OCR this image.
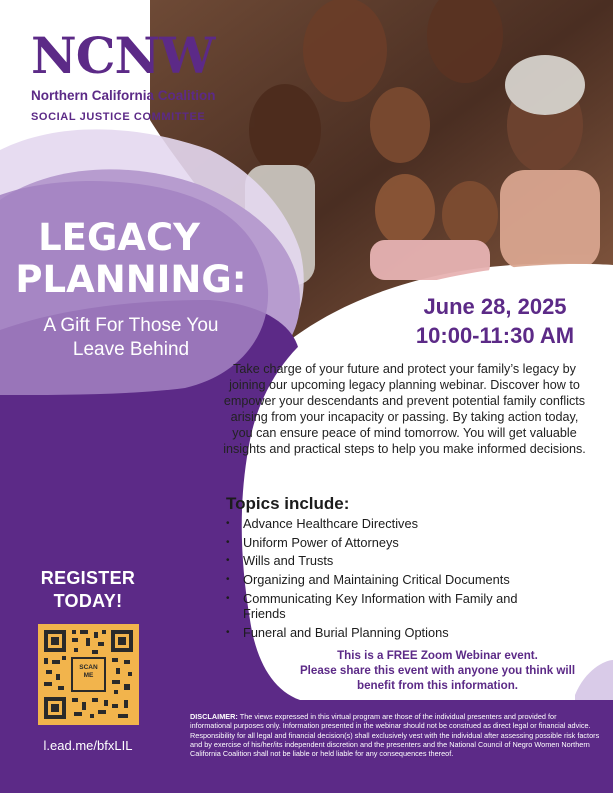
NCNW
Northern California Coalition
SOCIAL JUSTICE COMMITTEE
LEGACY
PLANNING:
A Gift For Those You Leave Behind
June 28, 2025
10:00-11:30 AM
Take charge of your future and protect your family’s legacy by joining our upcoming legacy planning webinar. Discover how to empower your descendants and prevent potential family conflicts arising from your incapacity or passing. By taking action today, you can ensure peace of mind tomorrow. You will get valuable insights and practical steps to help you make informed decisions.
Topics include:
• Advance Healthcare Directives
• Uniform Power of Attorneys
• Wills and Trusts
• Organizing and Maintaining Critical Documents
• Communicating Key Information with Family and Friends
• Funeral and Burial Planning Options
This is a FREE Zoom Webinar event.
Please share this event with anyone you think will benefit from this information.
REGISTER
TODAY!
SCAN ME
l.ead.me/bfxLIL
DISCLAIMER: The views expressed in this virtual program are those of the individual presenters and provided for informational purposes only. Information presented in the webinar should not be construed as direct legal or financial advice. Responsibility for all legal and financial decision(s) shall exclusively vest with the individual after assessing possible risk factors and by exercise of his/her/its independent discretion and the presenters and the National Council of Negro Women Northern California Coalition shall not be liable or held liable for any consequences thereof.
